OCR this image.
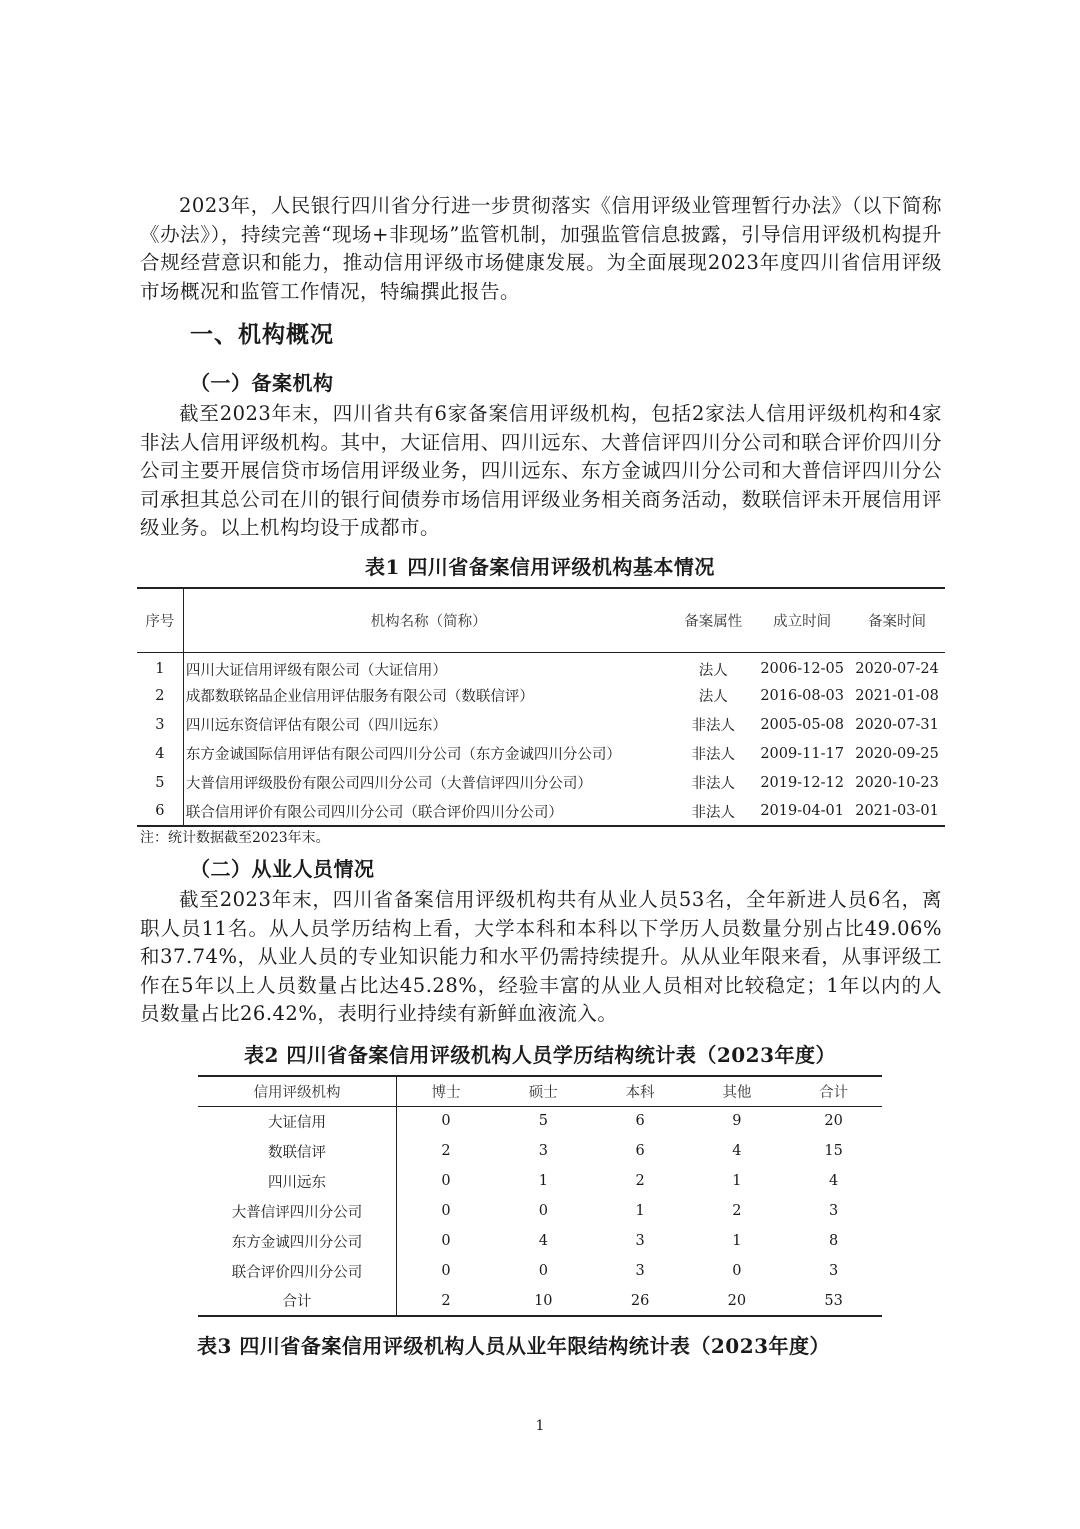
2023年，人民银行四川省分行进一步贯彻落实《信用评级业管理暂行办法》（以下简称《办法》），持续完善“现场+非现场”监管机制，加强监管信息披露，引导信用评级机构提升合规经营意识和能力，推动信用评级市场健康发展。为全面展现2023年度四川省信用评级市场概况和监管工作情况，特编撰此报告。

一、机构概况

（一）备案机构

截至2023年末，四川省共有6家备案信用评级机构，包括2家法人信用评级机构和4家非法人信用评级机构。其中，大证信用、四川远东、大普信评四川分公司和联合评价四川分公司主要开展信贷市场信用评级业务，四川远东、东方金诚四川分公司和大普信评四川分公司承担其总公司在川的银行间债券市场信用评级业务相关商务活动，数联信评未开展信用评级业务。以上机构均设于成都市。

表1 四川省备案信用评级机构基本情况

序号	机构名称（简称）	备案属性	成立时间	备案时间
1	四川大证信用评级有限公司（大证信用）	法人	2006-12-05	2020-07-24
2	成都数联铭品企业信用评估服务有限公司（数联信评）	法人	2016-08-03	2021-01-08
3	四川远东资信评估有限公司（四川远东）	非法人	2005-05-08	2020-07-31
4	东方金诚国际信用评估有限公司四川分公司（东方金诚四川分公司）	非法人	2009-11-17	2020-09-25
5	大普信用评级股份有限公司四川分公司（大普信评四川分公司）	非法人	2019-12-12	2020-10-23
6	联合信用评价有限公司四川分公司（联合评价四川分公司）	非法人	2019-04-01	2021-03-01

注：统计数据截至2023年末。

（二）从业人员情况

截至2023年末，四川省备案信用评级机构共有从业人员53名，全年新进人员6名，离职人员11名。从人员学历结构上看，大学本科和本科以下学历人员数量分别占比49.06%和37.74%，从业人员的专业知识能力和水平仍需持续提升。从从业年限来看，从事评级工作在5年以上人员数量占比达45.28%，经验丰富的从业人员相对比较稳定；1年以内的人员数量占比26.42%，表明行业持续有新鲜血液流入。

表2 四川省备案信用评级机构人员学历结构统计表（2023年度）

信用评级机构	博士	硕士	本科	其他	合计
大证信用	0	5	6	9	20
数联信评	2	3	6	4	15
四川远东	0	1	2	1	4
大普信评四川分公司	0	0	1	2	3
东方金诚四川分公司	0	4	3	1	8
联合评价四川分公司	0	0	3	0	3
合计	2	10	26	20	53

表3 四川省备案信用评级机构人员从业年限结构统计表（2023年度）

1
